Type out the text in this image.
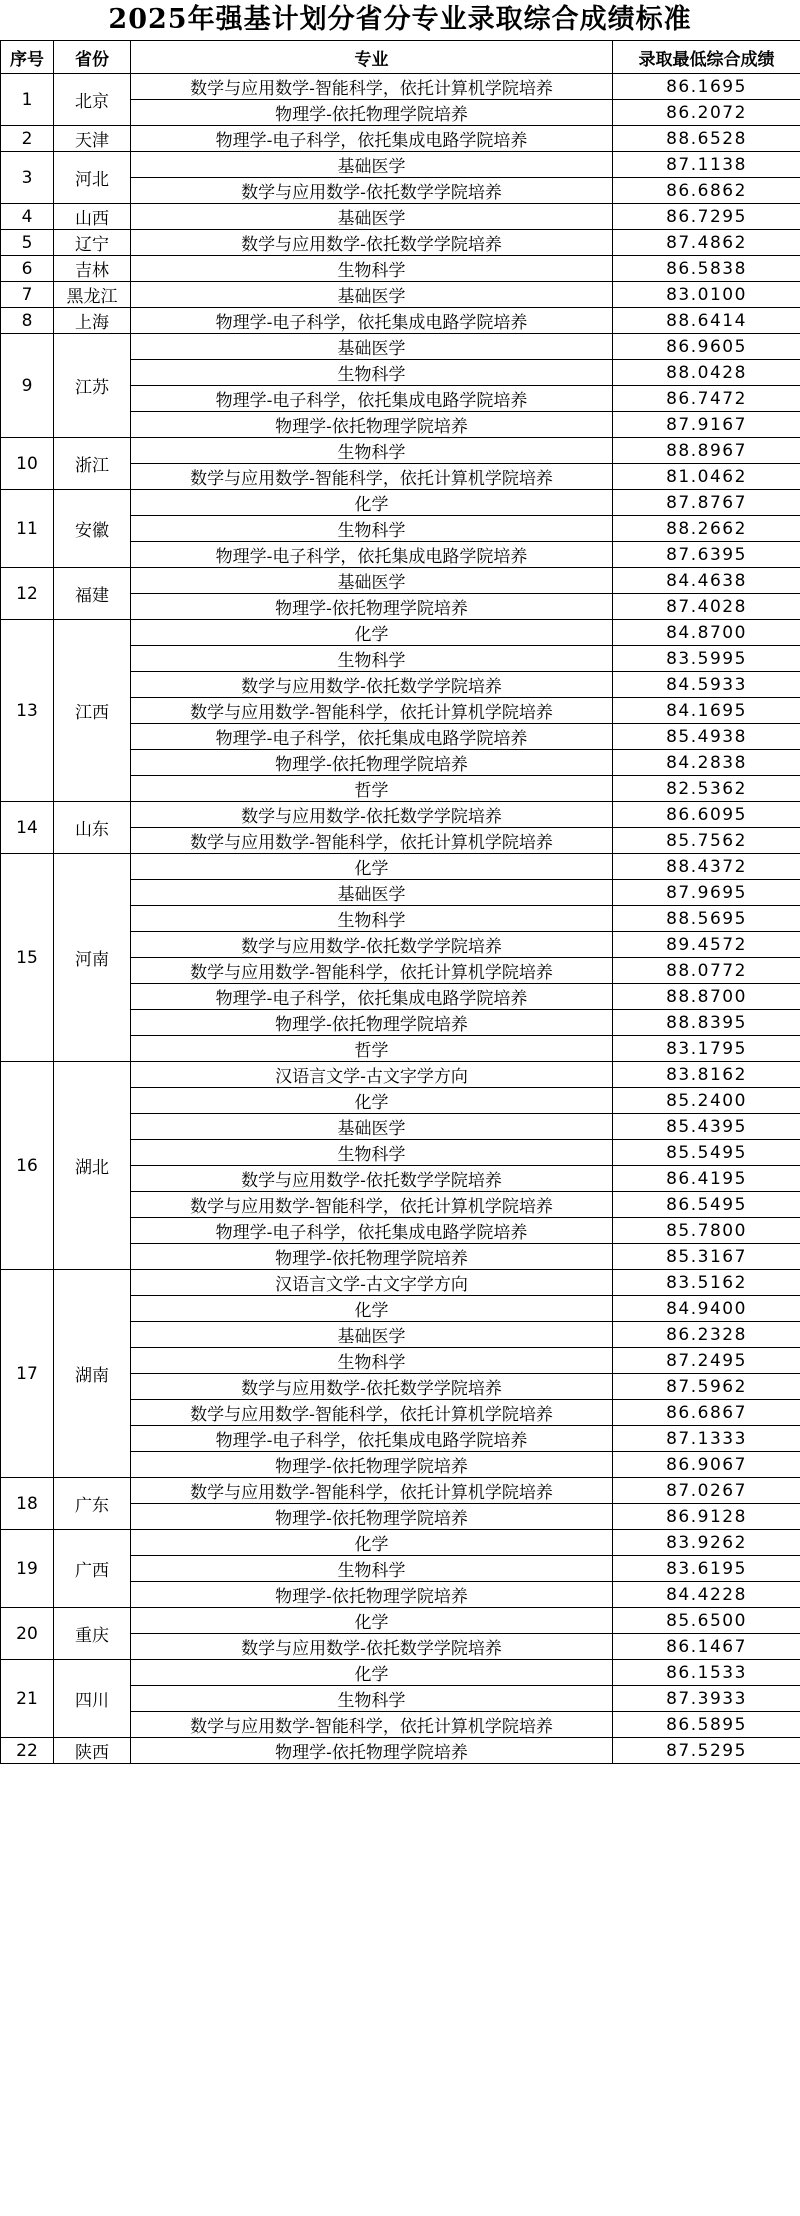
2025年强基计划分省分专业录取综合成绩标准
序号	省份	专业	录取最低综合成绩
1	北京	数学与应用数学-智能科学，依托计算机学院培养	86.1695
		物理学-依托物理学院培养	86.2072
2	天津	物理学-电子科学，依托集成电路学院培养	88.6528
3	河北	基础医学	87.1138
		数学与应用数学-依托数学学院培养	86.6862
4	山西	基础医学	86.7295
5	辽宁	数学与应用数学-依托数学学院培养	87.4862
6	吉林	生物科学	86.5838
7	黑龙江	基础医学	83.0100
8	上海	物理学-电子科学，依托集成电路学院培养	88.6414
9	江苏	基础医学	86.9605
		生物科学	88.0428
		物理学-电子科学，依托集成电路学院培养	86.7472
		物理学-依托物理学院培养	87.9167
10	浙江	生物科学	88.8967
		数学与应用数学-智能科学，依托计算机学院培养	81.0462
11	安徽	化学	87.8767
		生物科学	88.2662
		物理学-电子科学，依托集成电路学院培养	87.6395
12	福建	基础医学	84.4638
		物理学-依托物理学院培养	87.4028
13	江西	化学	84.8700
		生物科学	83.5995
		数学与应用数学-依托数学学院培养	84.5933
		数学与应用数学-智能科学，依托计算机学院培养	84.1695
		物理学-电子科学，依托集成电路学院培养	85.4938
		物理学-依托物理学院培养	84.2838
		哲学	82.5362
14	山东	数学与应用数学-依托数学学院培养	86.6095
		数学与应用数学-智能科学，依托计算机学院培养	85.7562
15	河南	化学	88.4372
		基础医学	87.9695
		生物科学	88.5695
		数学与应用数学-依托数学学院培养	89.4572
		数学与应用数学-智能科学，依托计算机学院培养	88.0772
		物理学-电子科学，依托集成电路学院培养	88.8700
		物理学-依托物理学院培养	88.8395
		哲学	83.1795
16	湖北	汉语言文学-古文字学方向	83.8162
		化学	85.2400
		基础医学	85.4395
		生物科学	85.5495
		数学与应用数学-依托数学学院培养	86.4195
		数学与应用数学-智能科学，依托计算机学院培养	86.5495
		物理学-电子科学，依托集成电路学院培养	85.7800
		物理学-依托物理学院培养	85.3167
17	湖南	汉语言文学-古文字学方向	83.5162
		化学	84.9400
		基础医学	86.2328
		生物科学	87.2495
		数学与应用数学-依托数学学院培养	87.5962
		数学与应用数学-智能科学，依托计算机学院培养	86.6867
		物理学-电子科学，依托集成电路学院培养	87.1333
		物理学-依托物理学院培养	86.9067
18	广东	数学与应用数学-智能科学，依托计算机学院培养	87.0267
		物理学-依托物理学院培养	86.9128
19	广西	化学	83.9262
		生物科学	83.6195
		物理学-依托物理学院培养	84.4228
20	重庆	化学	85.6500
		数学与应用数学-依托数学学院培养	86.1467
21	四川	化学	86.1533
		生物科学	87.3933
		数学与应用数学-智能科学，依托计算机学院培养	86.5895
22	陕西	物理学-依托物理学院培养	87.5295
